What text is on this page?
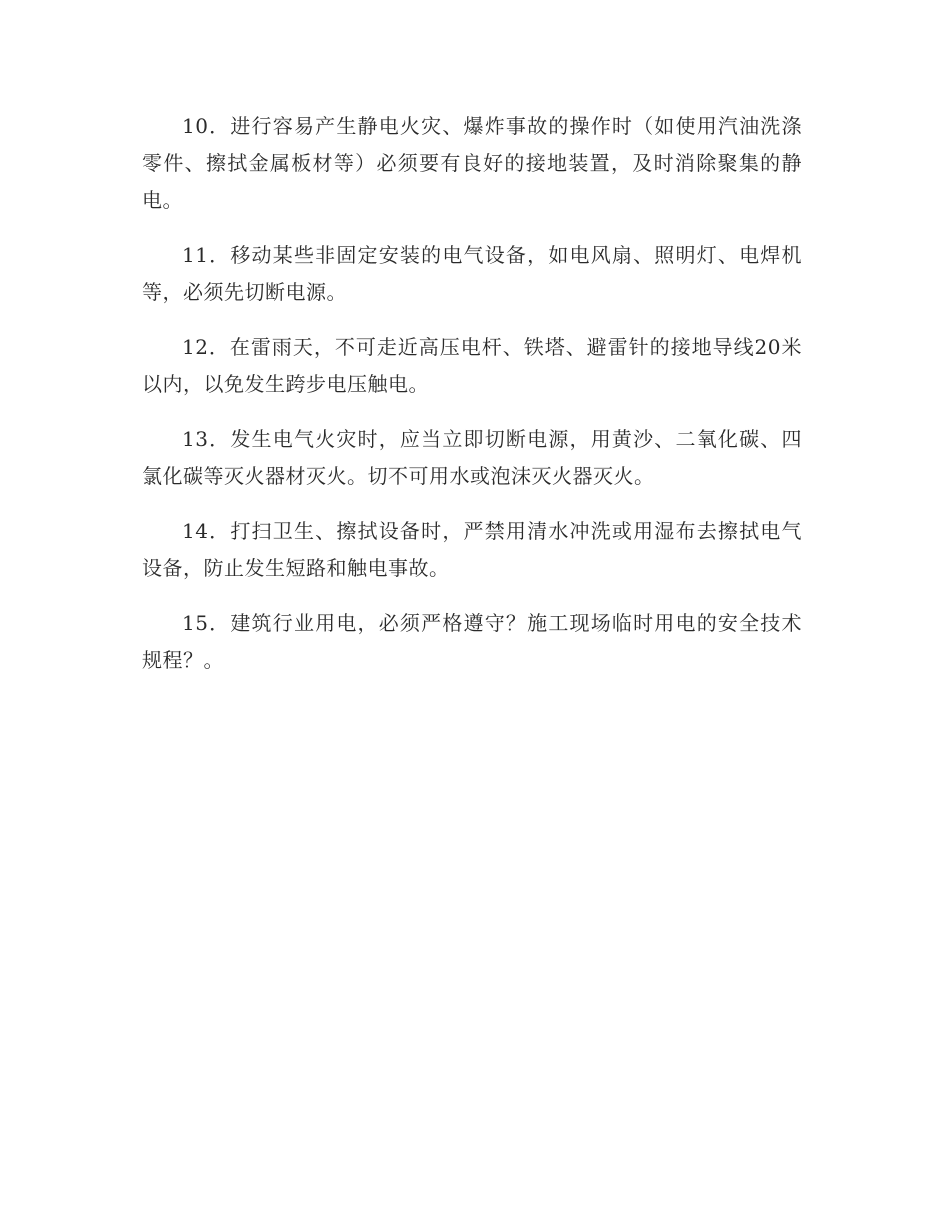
10．进行容易产生静电火灾、爆炸事故的操作时（如使用汽油洗涤零件、擦拭金属板材等）必须要有良好的接地装置，及时消除聚集的静电。

11．移动某些非固定安装的电气设备，如电风扇、照明灯、电焊机等，必须先切断电源。

12．在雷雨天，不可走近高压电杆、铁塔、避雷针的接地导线20米以内，以免发生跨步电压触电。

13．发生电气火灾时，应当立即切断电源，用黄沙、二氧化碳、四氯化碳等灭火器材灭火。切不可用水或泡沫灭火器灭火。

14．打扫卫生、擦拭设备时，严禁用清水冲洗或用湿布去擦拭电气设备，防止发生短路和触电事故。

15．建筑行业用电，必须严格遵守？施工现场临时用电的安全技术规程？。
